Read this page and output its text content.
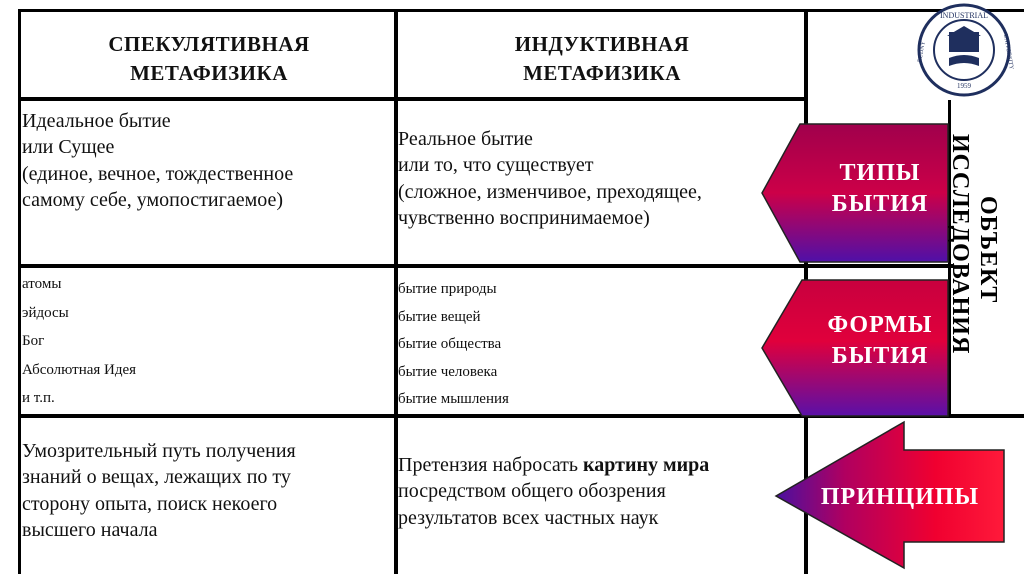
СПЕКУЛЯТИВНАЯ
МЕТАФИЗИКА
ИНДУКТИВНАЯ
МЕТАФИЗИКА
Идеальное бытие
или Сущее
(единое, вечное, тождественное
самому себе, умопостигаемое)
Реальное бытие
или то, что существует
(сложное, изменчивое, преходящее,
чувственно воспринимаемое)
атомы
эйдосы
Бог
Абсолютная Идея
и т.п.
бытие природы
бытие вещей
бытие общества
бытие человека
бытие мышления
Умозрительный путь получения
знаний о вещах, лежащих по ту
сторону опыта, поиск некоего
высшего начала
Претензия набросать картину мира
посредством общего обозрения
результатов всех частных наук
ТИПЫ
БЫТИЯ
ФОРМЫ
БЫТИЯ
ПРИНЦИПЫ
ОБЪЕКТ
ИССЛЕДОВАНИЯ
INDUSTRIAL
1959
RUDNY	UNIVERSITY
